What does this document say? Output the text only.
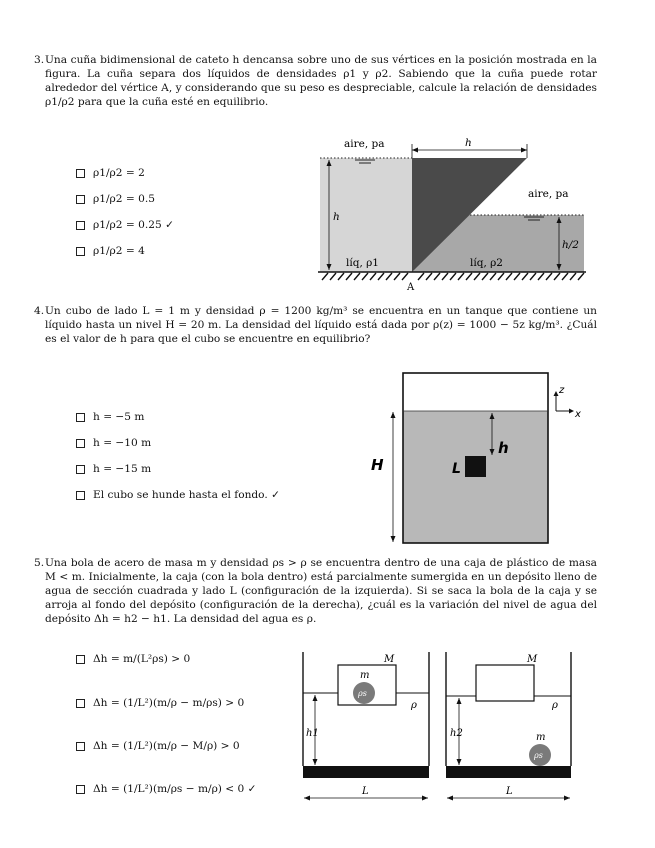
3. Una cuña bidimensional de cateto h dencansa sobre uno de sus vértices en la posición mostrada en la figura. La cuña separa dos líquidos de densidades ρ1 y ρ2. Sabiendo que la cuña puede rotar alrededor del vértice A, y considerando que su peso es despreciable, calcule la relación de densidades ρ1/ρ2 para que la cuña esté en equilibrio.
ρ1/ρ2 = 2
ρ1/ρ2 = 0.5
ρ1/ρ2 = 0.25 ✓
ρ1/ρ2 = 4
aire, pa	h
aire, pa
h
h/2
líq, ρ1	líq, ρ2
A
4. Un cubo de lado L = 1 m y densidad ρ = 1200 kg/m³ se encuentra en un tanque que contiene un líquido hasta un nivel H = 20 m. La densidad del líquido está dada por ρ(z) = 1000 − 5z kg/m³. ¿Cuál es el valor de h para que el cubo se encuentre en equilibrio?
h = −5 m
h = −10 m
h = −15 m
El cubo se hunde hasta el fondo. ✓
H
h
L
z
x
5. Una bola de acero de masa m y densidad ρs > ρ se encuentra dentro de una caja de plástico de masa M < m. Inicialmente, la caja (con la bola dentro) está parcialmente sumergida en un depósito lleno de agua de sección cuadrada y lado L (configuración de la izquierda). Si se saca la bola de la caja y se arroja al fondo del depósito (configuración de la derecha), ¿cuál es la variación del nivel de agua del depósito Δh = h2 − h1. La densidad del agua es ρ.
Δh = m/(L²ρs) > 0
Δh = (1/L²)(m/ρ − m/ρs) > 0
Δh = (1/L²)(m/ρ − M/ρ) > 0
Δh = (1/L²)(m/ρs − m/ρ) < 0 ✓
M
m
ρs
ρ
h1
L
M
m
ρs
ρ
h2
L
